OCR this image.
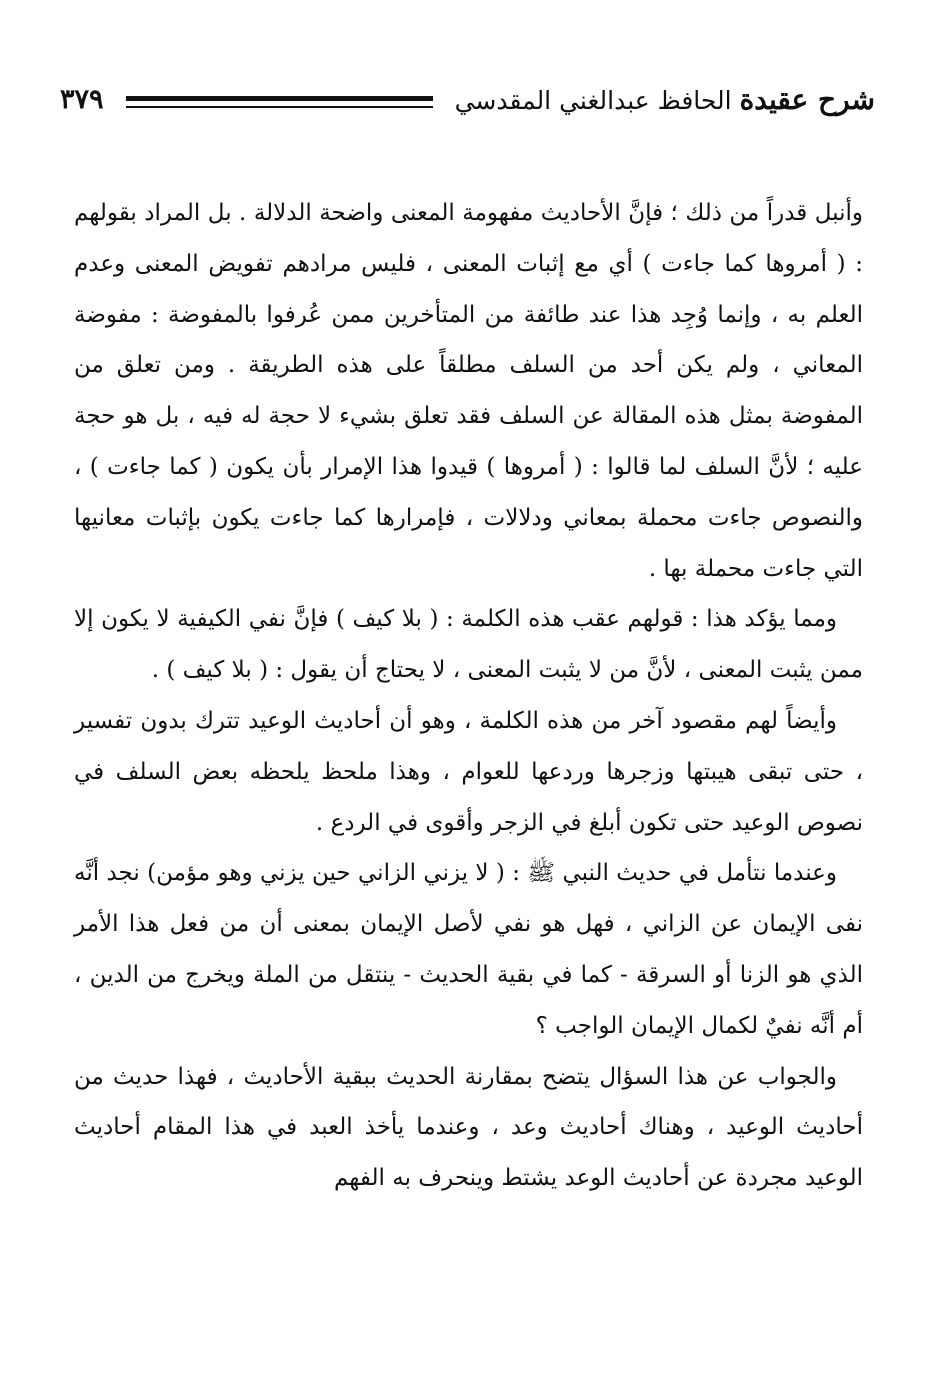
شرح عقيدة الحافظ عبدالغني المقدسي
٣٧٩

وأنبل قدراً من ذلك ؛ فإنَّ الأحاديث مفهومة المعنى واضحة الدلالة . بل المراد بقولهم : ( أمروها كما جاءت ) أي مع إثبات المعنى ، فليس مرادهم تفويض المعنى وعدم العلم به ، وإنما وُجِد هذا عند طائفة من المتأخرين ممن عُرفوا بالمفوضة : مفوضة المعاني ، ولم يكن أحد من السلف مطلقاً على هذه الطريقة . ومن تعلق من المفوضة بمثل هذه المقالة عن السلف فقد تعلق بشيء لا حجة له فيه ، بل هو حجة عليه ؛ لأنَّ السلف لما قالوا : ( أمروها ) قيدوا هذا الإمرار بأن يكون ( كما جاءت ) ، والنصوص جاءت محملة بمعاني ودلالات ، فإمرارها كما جاءت يكون بإثبات معانيها التي جاءت محملة بها .

ومما يؤكد هذا : قولهم عقب هذه الكلمة : ( بلا كيف ) فإنَّ نفي الكيفية لا يكون إلا ممن يثبت المعنى ، لأنَّ من لا يثبت المعنى ، لا يحتاج أن يقول : ( بلا كيف ) .

وأيضاً لهم مقصود آخر من هذه الكلمة ، وهو أن أحاديث الوعيد تترك بدون تفسير ، حتى تبقى هيبتها وزجرها وردعها للعوام ، وهذا ملحظ يلحظه بعض السلف في نصوص الوعيد حتى تكون أبلغ في الزجر وأقوى في الردع .

وعندما نتأمل في حديث النبي ﷺ : ( لا يزني الزاني حين يزني وهو مؤمن) نجد أنَّه نفى الإيمان عن الزاني ، فهل هو نفي لأصل الإيمان بمعنى أن من فعل هذا الأمر الذي هو الزنا أو السرقة - كما في بقية الحديث - ينتقل من الملة ويخرج من الدين ، أم أنَّه نفيٌ لكمال الإيمان الواجب ؟

والجواب عن هذا السؤال يتضح بمقارنة الحديث ببقية الأحاديث ، فهذا حديث من أحاديث الوعيد ، وهناك أحاديث وعد ، وعندما يأخذ العبد في هذا المقام أحاديث الوعيد مجردة عن أحاديث الوعد يشتط وينحرف به الفهم
